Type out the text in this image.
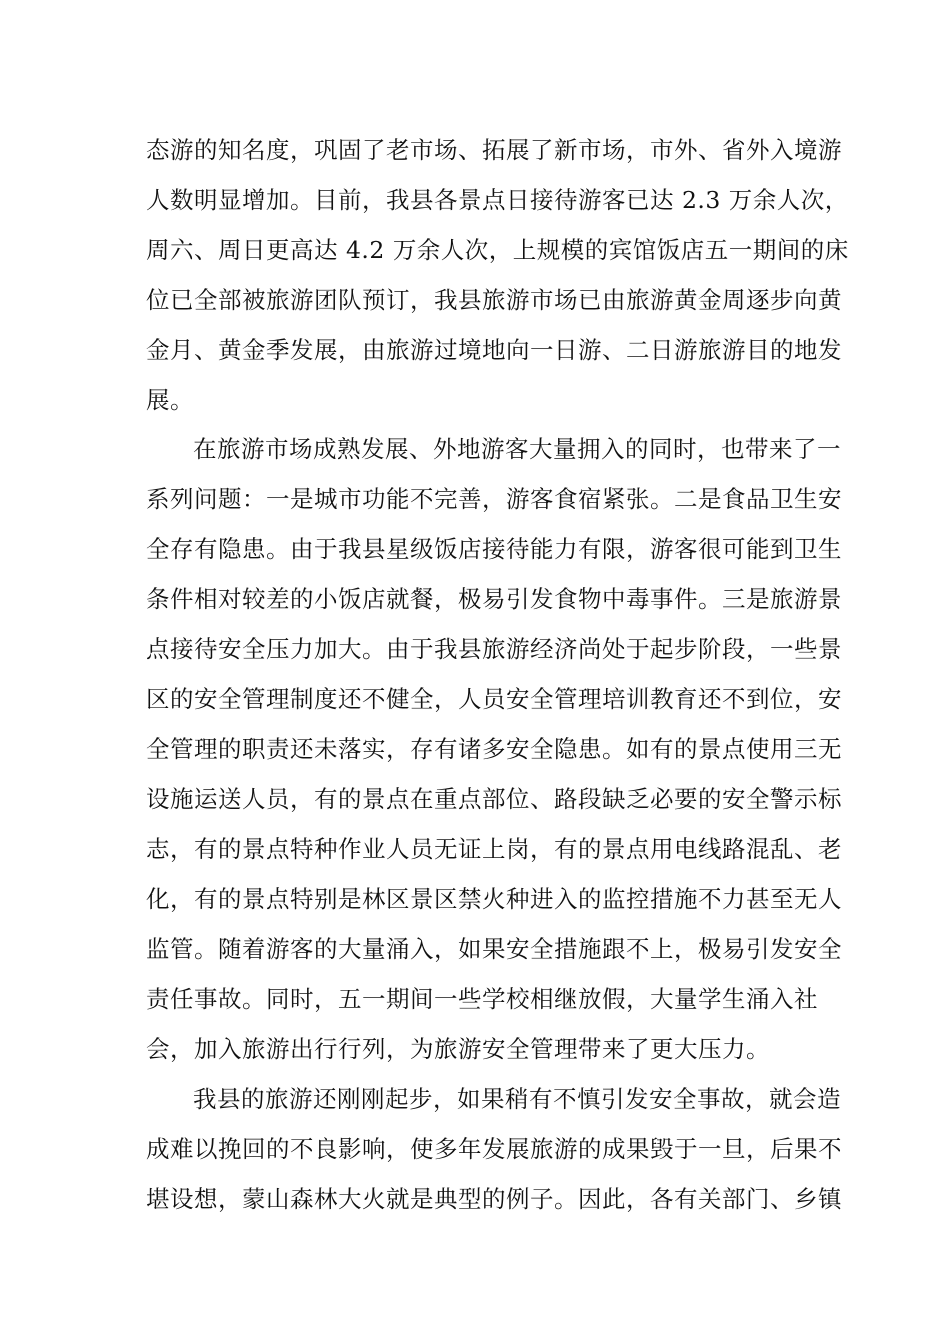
态游的知名度，巩固了老市场、拓展了新市场，市外、省外入境游
人数明显增加。目前，我县各景点日接待游客已达 2.3 万余人次，
周六、周日更高达 4.2 万余人次，上规模的宾馆饭店五一期间的床
位已全部被旅游团队预订，我县旅游市场已由旅游黄金周逐步向黄
金月、黄金季发展，由旅游过境地向一日游、二日游旅游目的地发
展。
在旅游市场成熟发展、外地游客大量拥入的同时，也带来了一
系列问题：一是城市功能不完善，游客食宿紧张。二是食品卫生安
全存有隐患。由于我县星级饭店接待能力有限，游客很可能到卫生
条件相对较差的小饭店就餐，极易引发食物中毒事件。三是旅游景
点接待安全压力加大。由于我县旅游经济尚处于起步阶段，一些景
区的安全管理制度还不健全，人员安全管理培训教育还不到位，安
全管理的职责还未落实，存有诸多安全隐患。如有的景点使用三无
设施运送人员，有的景点在重点部位、路段缺乏必要的安全警示标
志，有的景点特种作业人员无证上岗，有的景点用电线路混乱、老
化，有的景点特别是林区景区禁火种进入的监控措施不力甚至无人
监管。随着游客的大量涌入，如果安全措施跟不上，极易引发安全
责任事故。同时，五一期间一些学校相继放假，大量学生涌入社
会，加入旅游出行行列，为旅游安全管理带来了更大压力。
我县的旅游还刚刚起步，如果稍有不慎引发安全事故，就会造
成难以挽回的不良影响，使多年发展旅游的成果毁于一旦，后果不
堪设想，蒙山森林大火就是典型的例子。因此，各有关部门、乡镇
